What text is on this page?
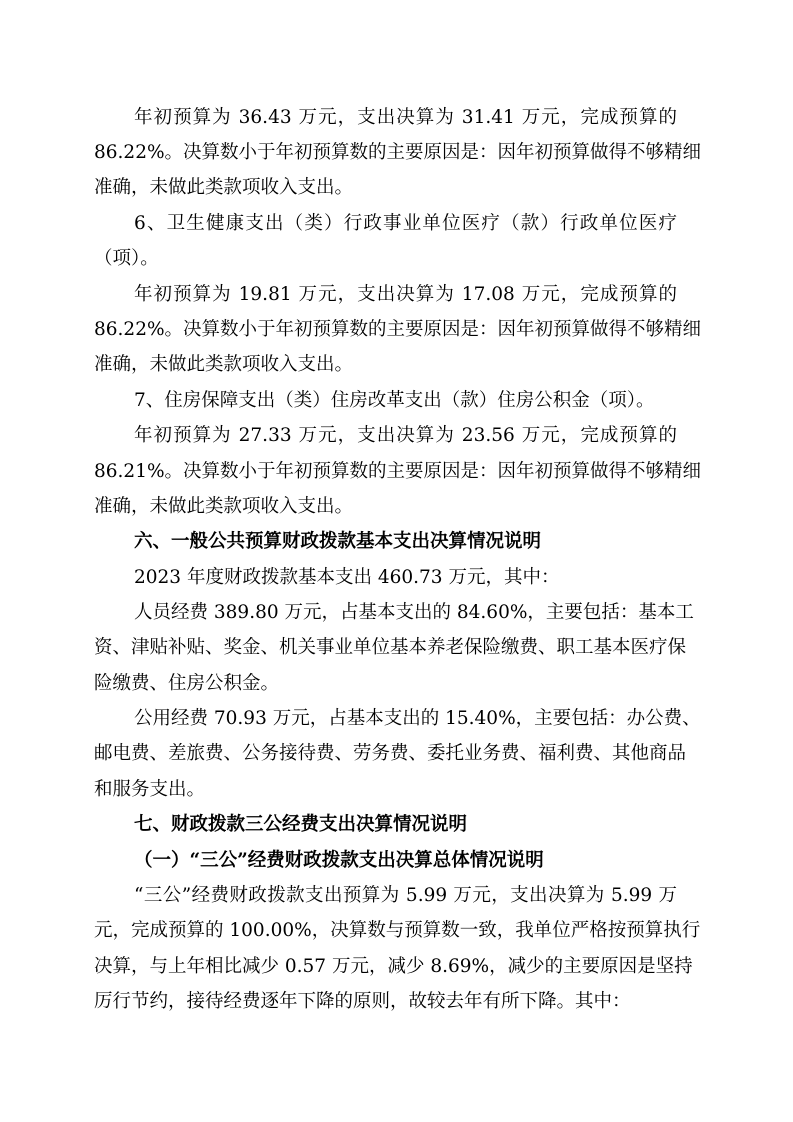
年初预算为 36.43 万元，支出决算为 31.41 万元，完成预算的
86.22%。决算数小于年初预算数的主要原因是：因年初预算做得不够精细
准确，未做此类款项收入支出。
6、卫生健康支出（类）行政事业单位医疗（款）行政单位医疗
（项）。
年初预算为 19.81 万元，支出决算为 17.08 万元，完成预算的
86.22%。决算数小于年初预算数的主要原因是：因年初预算做得不够精细
准确，未做此类款项收入支出。
7、住房保障支出（类）住房改革支出（款）住房公积金（项）。
年初预算为 27.33 万元，支出决算为 23.56 万元，完成预算的
86.21%。决算数小于年初预算数的主要原因是：因年初预算做得不够精细
准确，未做此类款项收入支出。
六、一般公共预算财政拨款基本支出决算情况说明
2023 年度财政拨款基本支出 460.73 万元，其中：
人员经费 389.80 万元，占基本支出的 84.60%，主要包括：基本工
资、津贴补贴、奖金、机关事业单位基本养老保险缴费、职工基本医疗保
险缴费、住房公积金。
公用经费 70.93 万元，占基本支出的 15.40%，主要包括：办公费、
邮电费、差旅费、公务接待费、劳务费、委托业务费、福利费、其他商品
和服务支出。
七、财政拨款三公经费支出决算情况说明
（一）“三公”经费财政拨款支出决算总体情况说明
“三公”经费财政拨款支出预算为 5.99 万元，支出决算为 5.99 万
元，完成预算的 100.00%，决算数与预算数一致，我单位严格按预算执行
决算，与上年相比减少 0.57 万元，减少 8.69%，减少的主要原因是坚持
厉行节约，接待经费逐年下降的原则，故较去年有所下降。其中：
